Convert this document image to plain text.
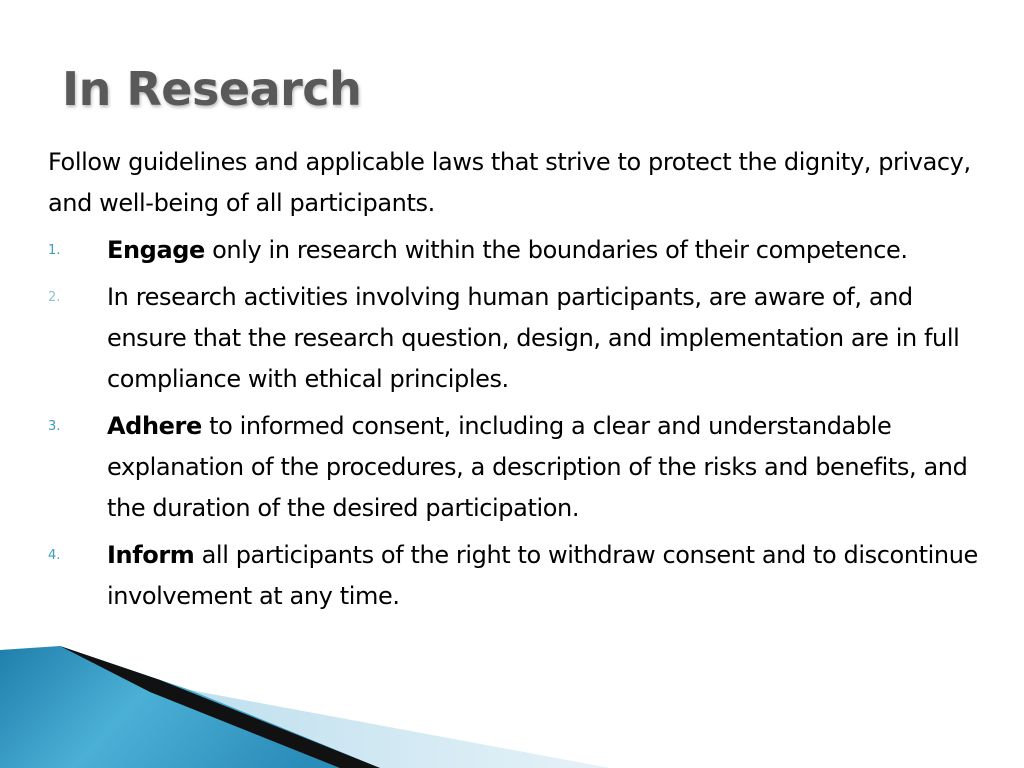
In Research

Follow guidelines and applicable laws that strive to protect the dignity, privacy, and well-being of all participants.

1. Engage only in research within the boundaries of their competence.
2. In research activities involving human participants, are aware of, and ensure that the research question, design, and implementation are in full compliance with ethical principles.
3. Adhere to informed consent, including a clear and understandable explanation of the procedures, a description of the risks and benefits, and the duration of the desired participation.
4. Inform all participants of the right to withdraw consent and to discontinue involvement at any time.
